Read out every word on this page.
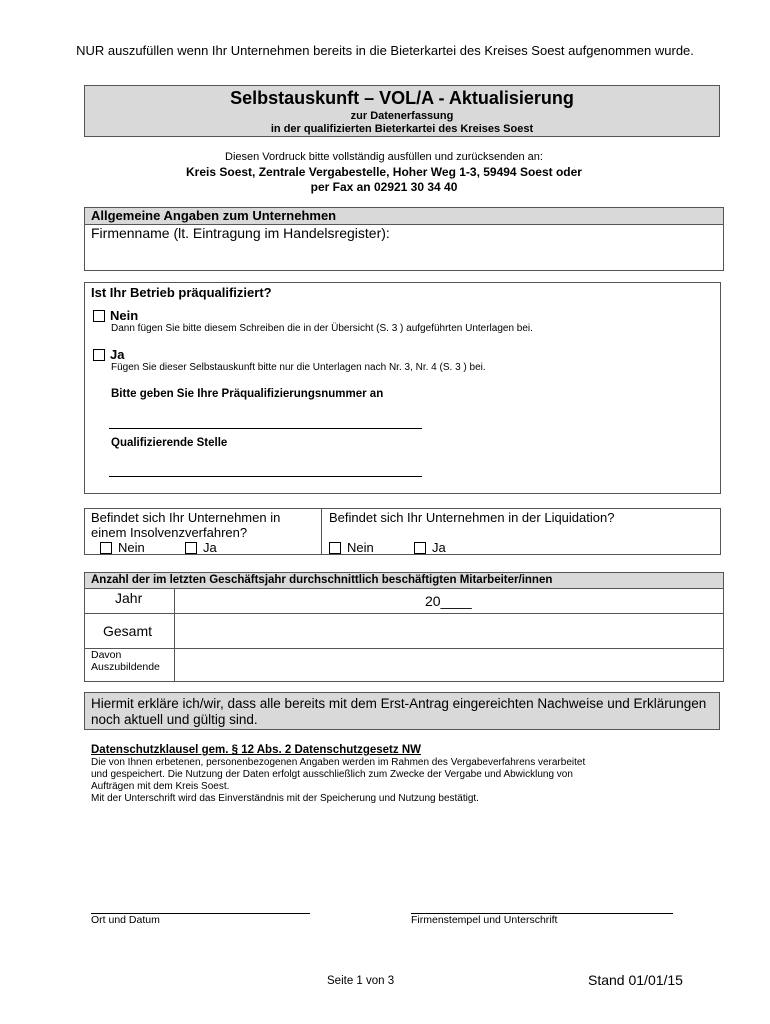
NUR auszufüllen wenn Ihr Unternehmen bereits in die Bieterkartei des Kreises Soest aufgenommen wurde.
Selbstauskunft – VOL/A - Aktualisierung
zur Datenerfassung
in der qualifizierten Bieterkartei des Kreises Soest
Diesen Vordruck bitte vollständig ausfüllen und zurücksenden an:
Kreis Soest, Zentrale Vergabestelle, Hoher Weg 1-3, 59494 Soest oder
per Fax an 02921 30 34 40
Allgemeine Angaben zum Unternehmen
Firmenname (lt. Eintragung im Handelsregister):
Ist Ihr Betrieb präqualifiziert?
Nein
Dann fügen Sie bitte diesem Schreiben die in der Übersicht (S. 3 ) aufgeführten Unterlagen bei.
Ja
Fügen Sie dieser Selbstauskunft bitte nur die Unterlagen nach Nr. 3, Nr. 4 (S. 3 ) bei.
Bitte geben Sie Ihre Präqualifizierungsnummer an
Qualifizierende Stelle
Befindet sich Ihr Unternehmen in einem Insolvenzverfahren?
Befindet sich Ihr Unternehmen in der Liquidation?
Nein	Ja	Nein	Ja
Anzahl der im letzten Geschäftsjahr durchschnittlich beschäftigten Mitarbeiter/innen
Jahr	20____
Gesamt
Davon
Auszubildende
Hiermit erkläre ich/wir, dass alle bereits mit dem Erst-Antrag eingereichten Nachweise und Erklärungen noch aktuell und gültig sind.
Datenschutzklausel gem. § 12 Abs. 2 Datenschutzgesetz NW
Die von Ihnen erbetenen, personenbezogenen Angaben werden im Rahmen des Vergabeverfahrens verarbeitet
und gespeichert. Die Nutzung der Daten erfolgt ausschließlich zum Zwecke der Vergabe und Abwicklung von
Aufträgen mit dem Kreis Soest.
Mit der Unterschrift wird das Einverständnis mit der Speicherung und Nutzung bestätigt.
Ort und Datum	Firmenstempel und Unterschrift
Seite 1 von 3	Stand 01/01/15
